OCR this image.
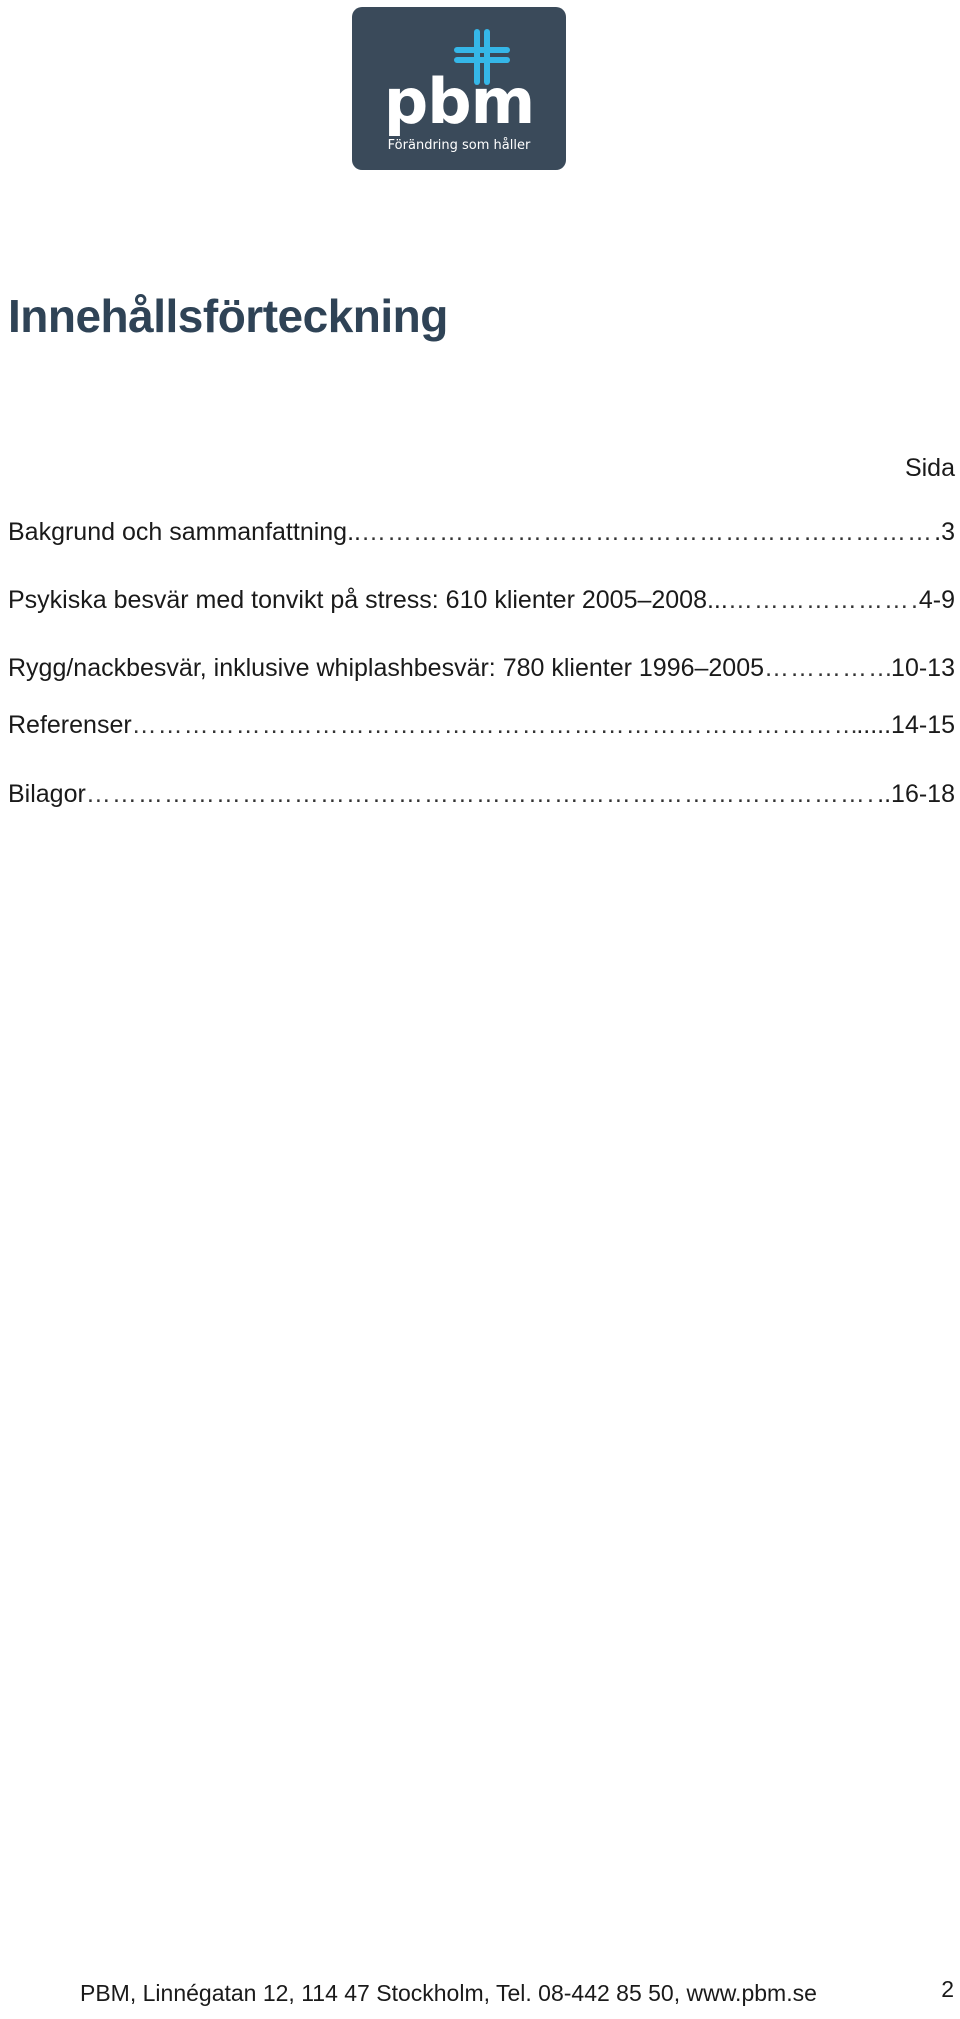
pbm
Förändring som håller
Innehållsförteckning
Sida
Bakgrund och sammanfattning.. …………………………………………………………………………………………………………………………………………………………………………………	.3
Psykiska besvär med tonvikt på stress: 610 klienter 2005–2008... …………………………………………………………………………………………………………………………………………………………………………………	4-9
Rygg/nackbesvär, inklusive whiplashbesvär: 780 klienter 1996–2005 …………………………………………………………………………………………………………………………………………………………………………………	10-13
Referenser …………………………………………………………………………………………………………………………………………………………………………………	.....14-15
Bilagor …………………………………………………………………………………………………………………………………………………………………………………	..16-18
PBM, Linnégatan 12, 114 47 Stockholm, Tel. 08-442 85 50, www.pbm.se	2
